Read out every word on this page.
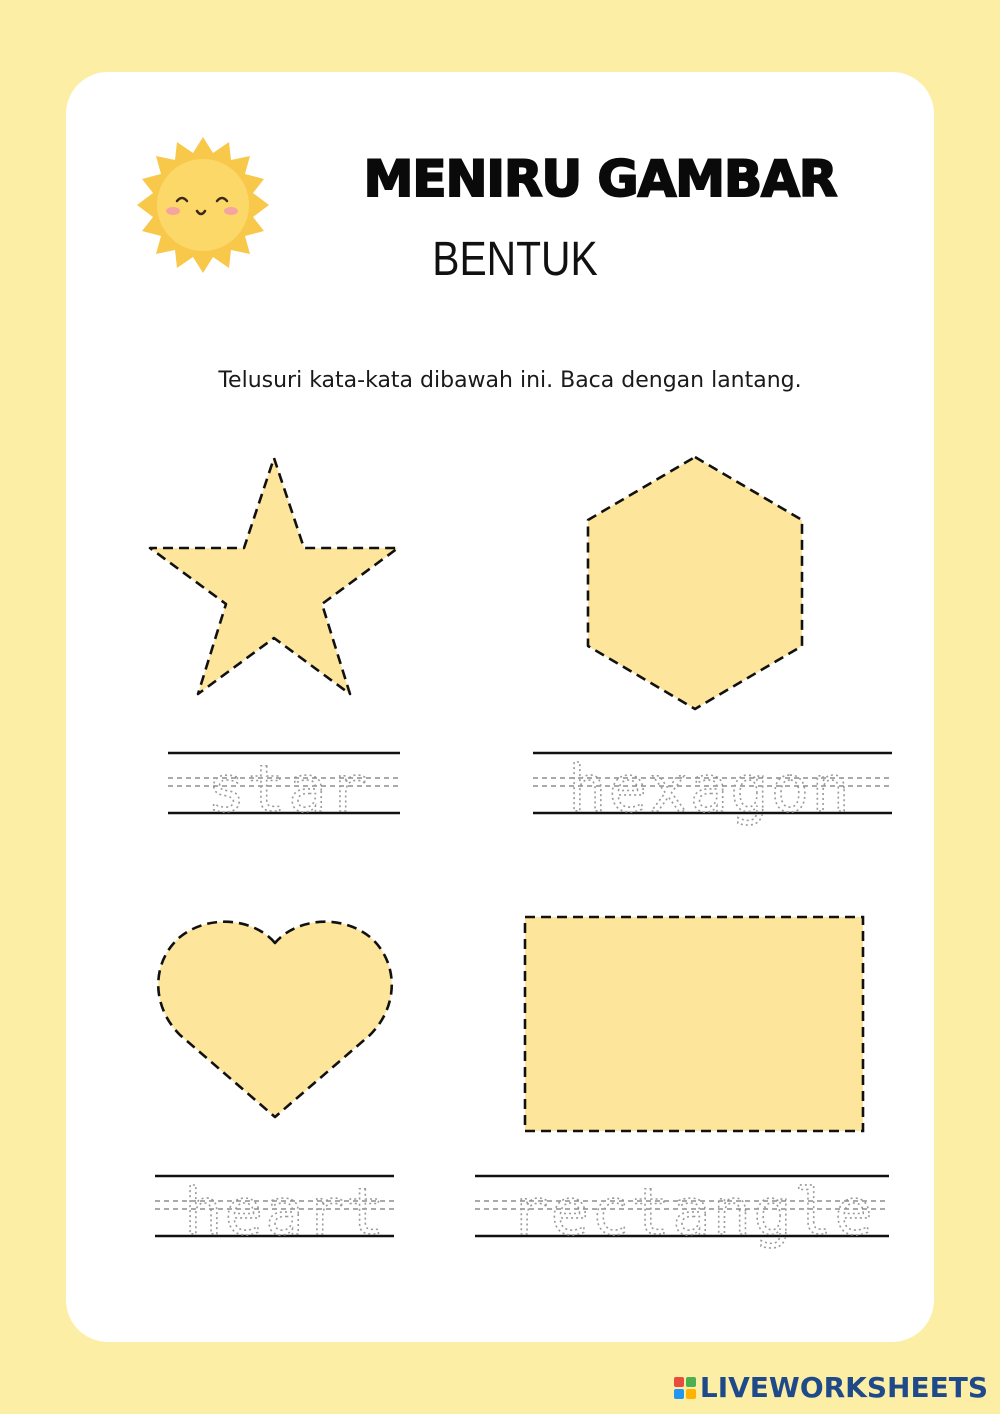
MENIRU GAMBAR
BENTUK
Telusuri kata-kata dibawah ini. Baca dengan lantang.
star	hexagon
heart rectangle
LIVEWORKSHEETS
